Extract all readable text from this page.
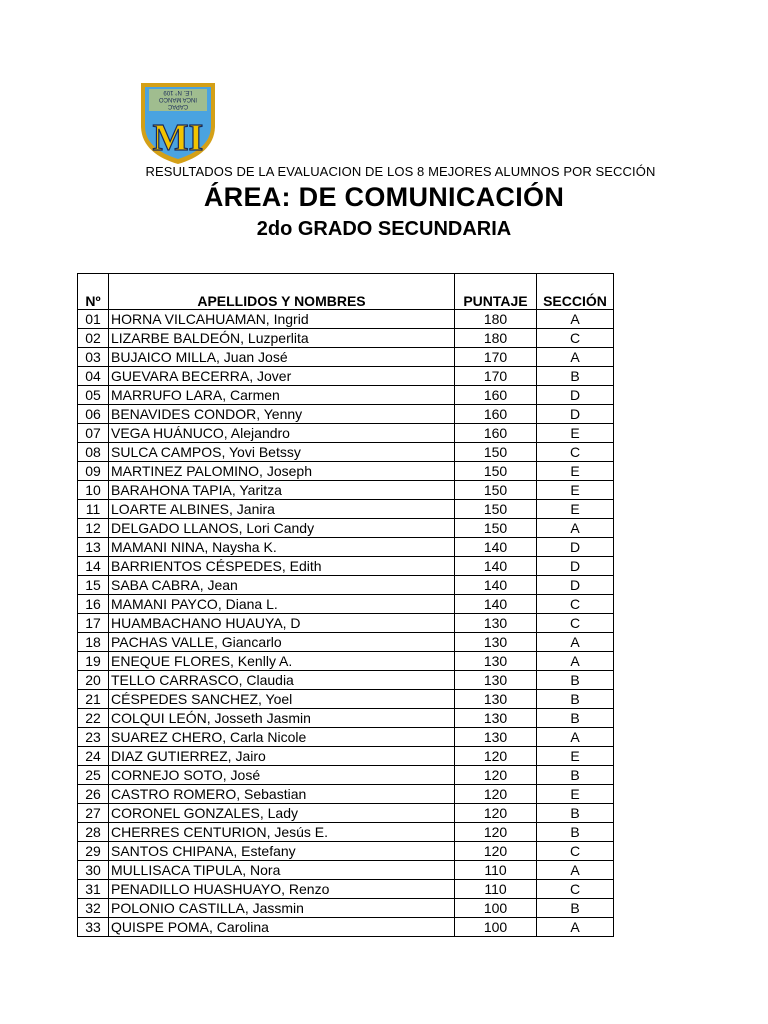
I.E. N° 109
INCA MANCO
CAPAC
MI
RESULTADOS DE LA EVALUACION DE LOS 8 MEJORES ALUMNOS POR SECCIÓN
ÁREA: DE COMUNICACIÓN
2do GRADO SECUNDARIA
Nº	APELLIDOS Y NOMBRES	PUNTAJE	SECCIÓN
01	HORNA VILCAHUAMAN, Ingrid	180	A
02	LIZARBE BALDEÓN, Luzperlita	180	C
03	BUJAICO MILLA, Juan José	170	A
04	GUEVARA BECERRA, Jover	170	B
05	MARRUFO LARA, Carmen	160	D
06	BENAVIDES CONDOR, Yenny	160	D
07	VEGA HUÁNUCO, Alejandro	160	E
08	SULCA CAMPOS, Yovi Betssy	150	C
09	MARTINEZ PALOMINO, Joseph	150	E
10	BARAHONA TAPIA, Yaritza	150	E
11	LOARTE ALBINES, Janira	150	E
12	DELGADO LLANOS, Lori Candy	150	A
13	MAMANI NINA, Naysha K.	140	D
14	BARRIENTOS CÉSPEDES, Edith	140	D
15	SABA CABRA, Jean	140	D
16	MAMANI PAYCO, Diana L.	140	C
17	HUAMBACHANO HUAUYA, D	130	C
18	PACHAS VALLE, Giancarlo	130	A
19	ENEQUE FLORES, Kenlly A.	130	A
20	TELLO CARRASCO, Claudia	130	B
21	CÉSPEDES SANCHEZ, Yoel	130	B
22	COLQUI LEÓN, Josseth Jasmin	130	B
23	SUAREZ CHERO, Carla Nicole	130	A
24	DIAZ GUTIERREZ, Jairo	120	E
25	CORNEJO SOTO, José	120	B
26	CASTRO ROMERO, Sebastian	120	E
27	CORONEL GONZALES, Lady	120	B
28	CHERRES CENTURION, Jesús E.	120	B
29	SANTOS CHIPANA, Estefany	120	C
30	MULLISACA TIPULA, Nora	110	A
31	PENADILLO HUASHUAYO, Renzo	110	C
32	POLONIO CASTILLA, Jassmin	100	B
33	QUISPE POMA, Carolina	100	A
